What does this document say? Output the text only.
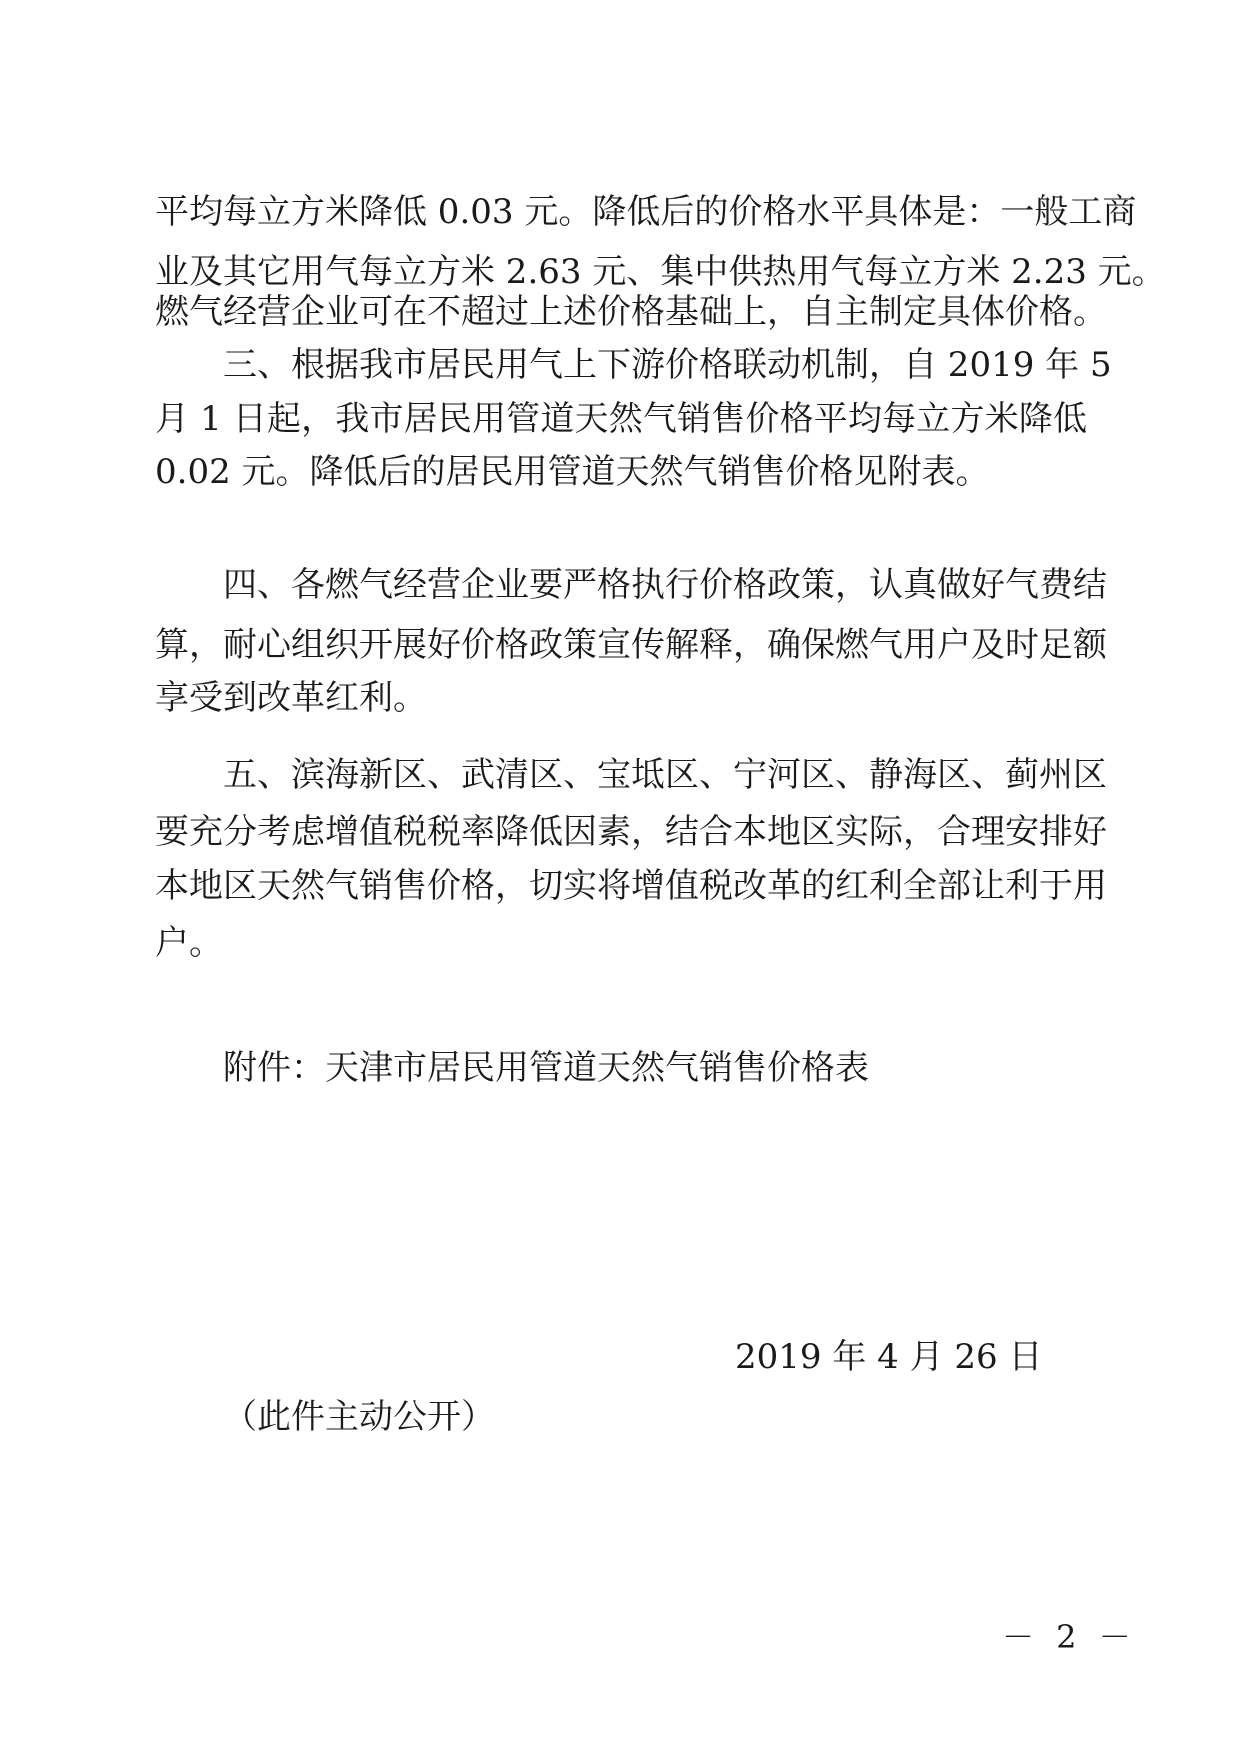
平均每立方米降低 0.03 元。降低后的价格水平具体是：一般工商
业及其它用气每立方米 2.63 元、集中供热用气每立方米 2.23 元。
燃气经营企业可在不超过上述价格基础上，自主制定具体价格。
三、根据我市居民用气上下游价格联动机制，自 2019 年 5
月 1 日起，我市居民用管道天然气销售价格平均每立方米降低
0.02 元。降低后的居民用管道天然气销售价格见附表。
四、各燃气经营企业要严格执行价格政策，认真做好气费结
算，耐心组织开展好价格政策宣传解释，确保燃气用户及时足额
享受到改革红利。
五、滨海新区、武清区、宝坻区、宁河区、静海区、蓟州区
要充分考虑增值税税率降低因素，结合本地区实际，合理安排好
本地区天然气销售价格，切实将增值税改革的红利全部让利于用
户。
附件：天津市居民用管道天然气销售价格表
2019 年 4 月 26 日
（此件主动公开）
－ 2 －
